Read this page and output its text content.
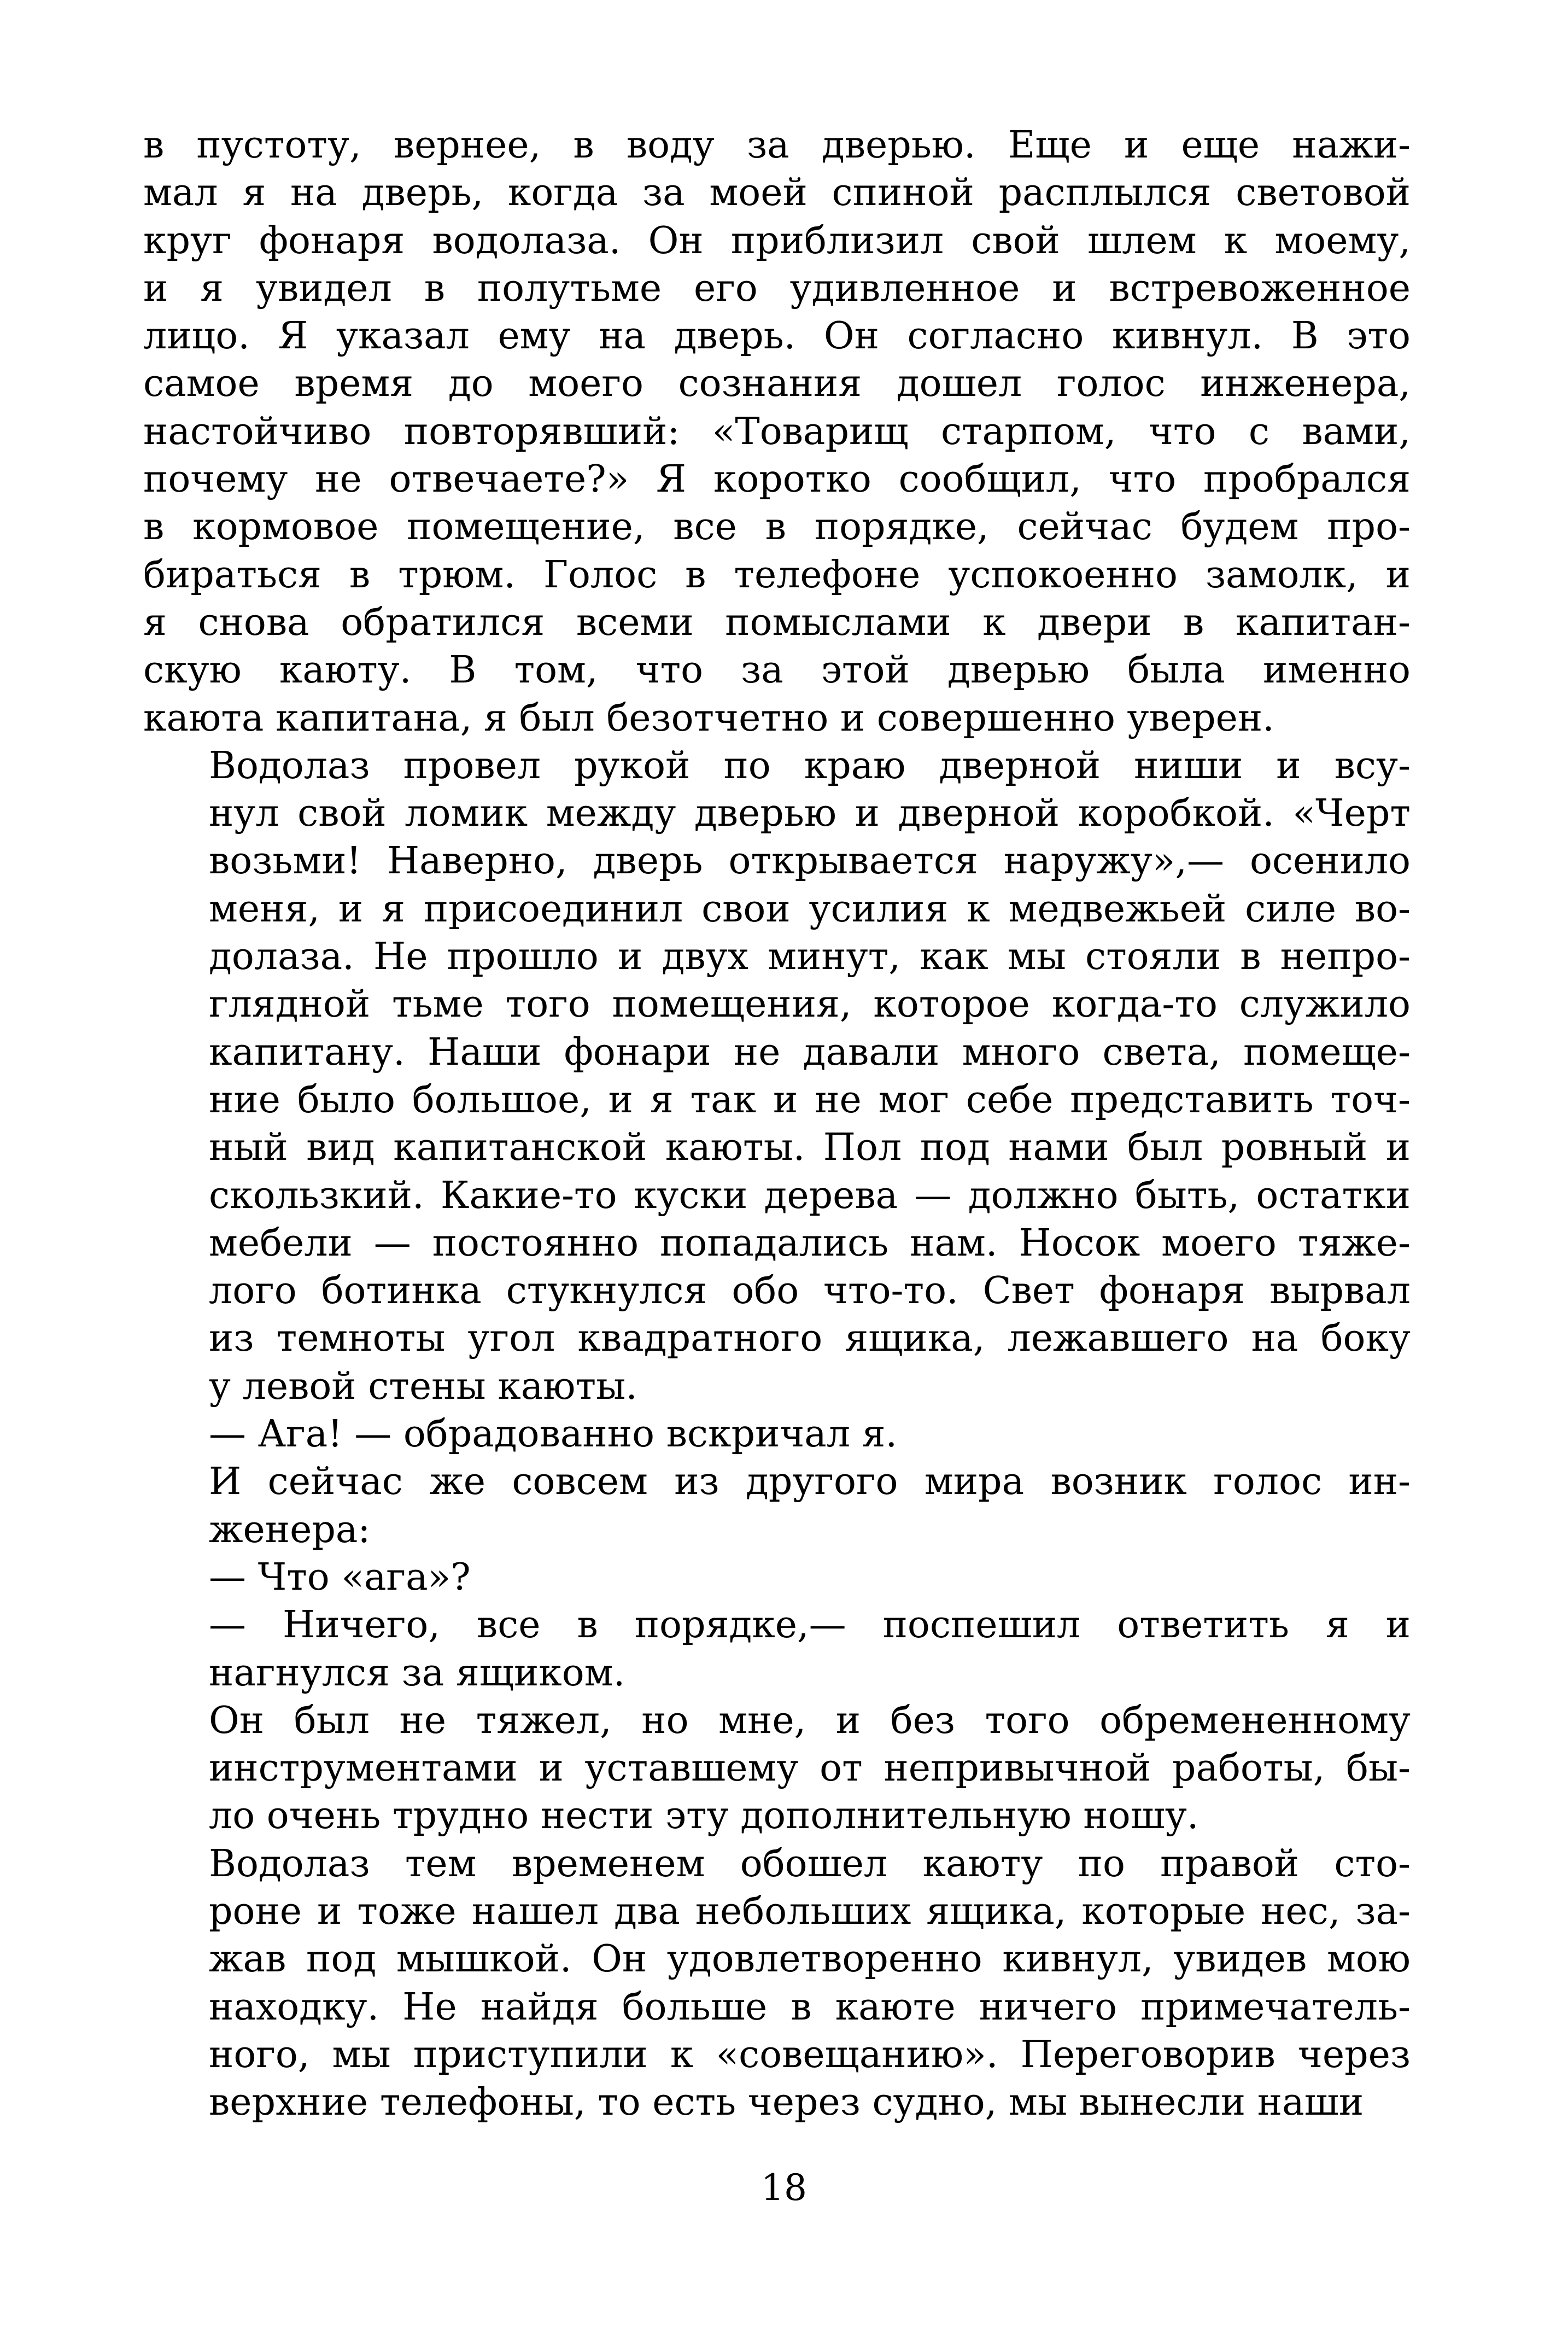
в пустоту, вернее, в воду за дверью. Еще и еще нажи-
мал я на дверь, когда за моей спиной расплылся световой
круг фонаря водолаза. Он приблизил свой шлем к моему,
и я увидел в полутьме его удивленное и встревоженное
лицо. Я указал ему на дверь. Он согласно кивнул. В это
самое время до моего сознания дошел голос инженера,
настойчиво повторявший: «Товарищ старпом, что с вами,
почему не отвечаете?» Я коротко сообщил, что пробрался
в кормовое помещение, все в порядке, сейчас будем про-
бираться в трюм. Голос в телефоне успокоенно замолк, и
я снова обратился всеми помыслами к двери в капитан-
скую каюту. В том, что за этой дверью была именно
каюта капитана, я был безотчетно и совершенно уверен.
Водолаз провел рукой по краю дверной ниши и всу-
нул свой ломик между дверью и дверной коробкой. «Черт
возьми! Наверно, дверь открывается наружу»,— осенило
меня, и я присоединил свои усилия к медвежьей силе во-
долаза. Не прошло и двух минут, как мы стояли в непро-
глядной тьме того помещения, которое когда-то служило
капитану. Наши фонари не давали много света, помеще-
ние было большое, и я так и не мог себе представить точ-
ный вид капитанской каюты. Пол под нами был ровный и
скользкий. Какие-то куски дерева — должно быть, остатки
мебели — постоянно попадались нам. Носок моего тяже-
лого ботинка стукнулся обо что-то. Свет фонаря вырвал
из темноты угол квадратного ящика, лежавшего на боку
у левой стены каюты.
— Ага! — обрадованно вскричал я.
И сейчас же совсем из другого мира возник голос ин-
женера:
— Что «ага»?
— Ничего, все в порядке,— поспешил ответить я и
нагнулся за ящиком.
Он был не тяжел, но мне, и без того обремененному
инструментами и уставшему от непривычной работы, бы-
ло очень трудно нести эту дополнительную ношу.
Водолаз тем временем обошел каюту по правой сто-
роне и тоже нашел два небольших ящика, которые нес, за-
жав под мышкой. Он удовлетворенно кивнул, увидев мою
находку. Не найдя больше в каюте ничего примечатель-
ного, мы приступили к «совещанию». Переговорив через
верхние телефоны, то есть через судно, мы вынесли наши
18
